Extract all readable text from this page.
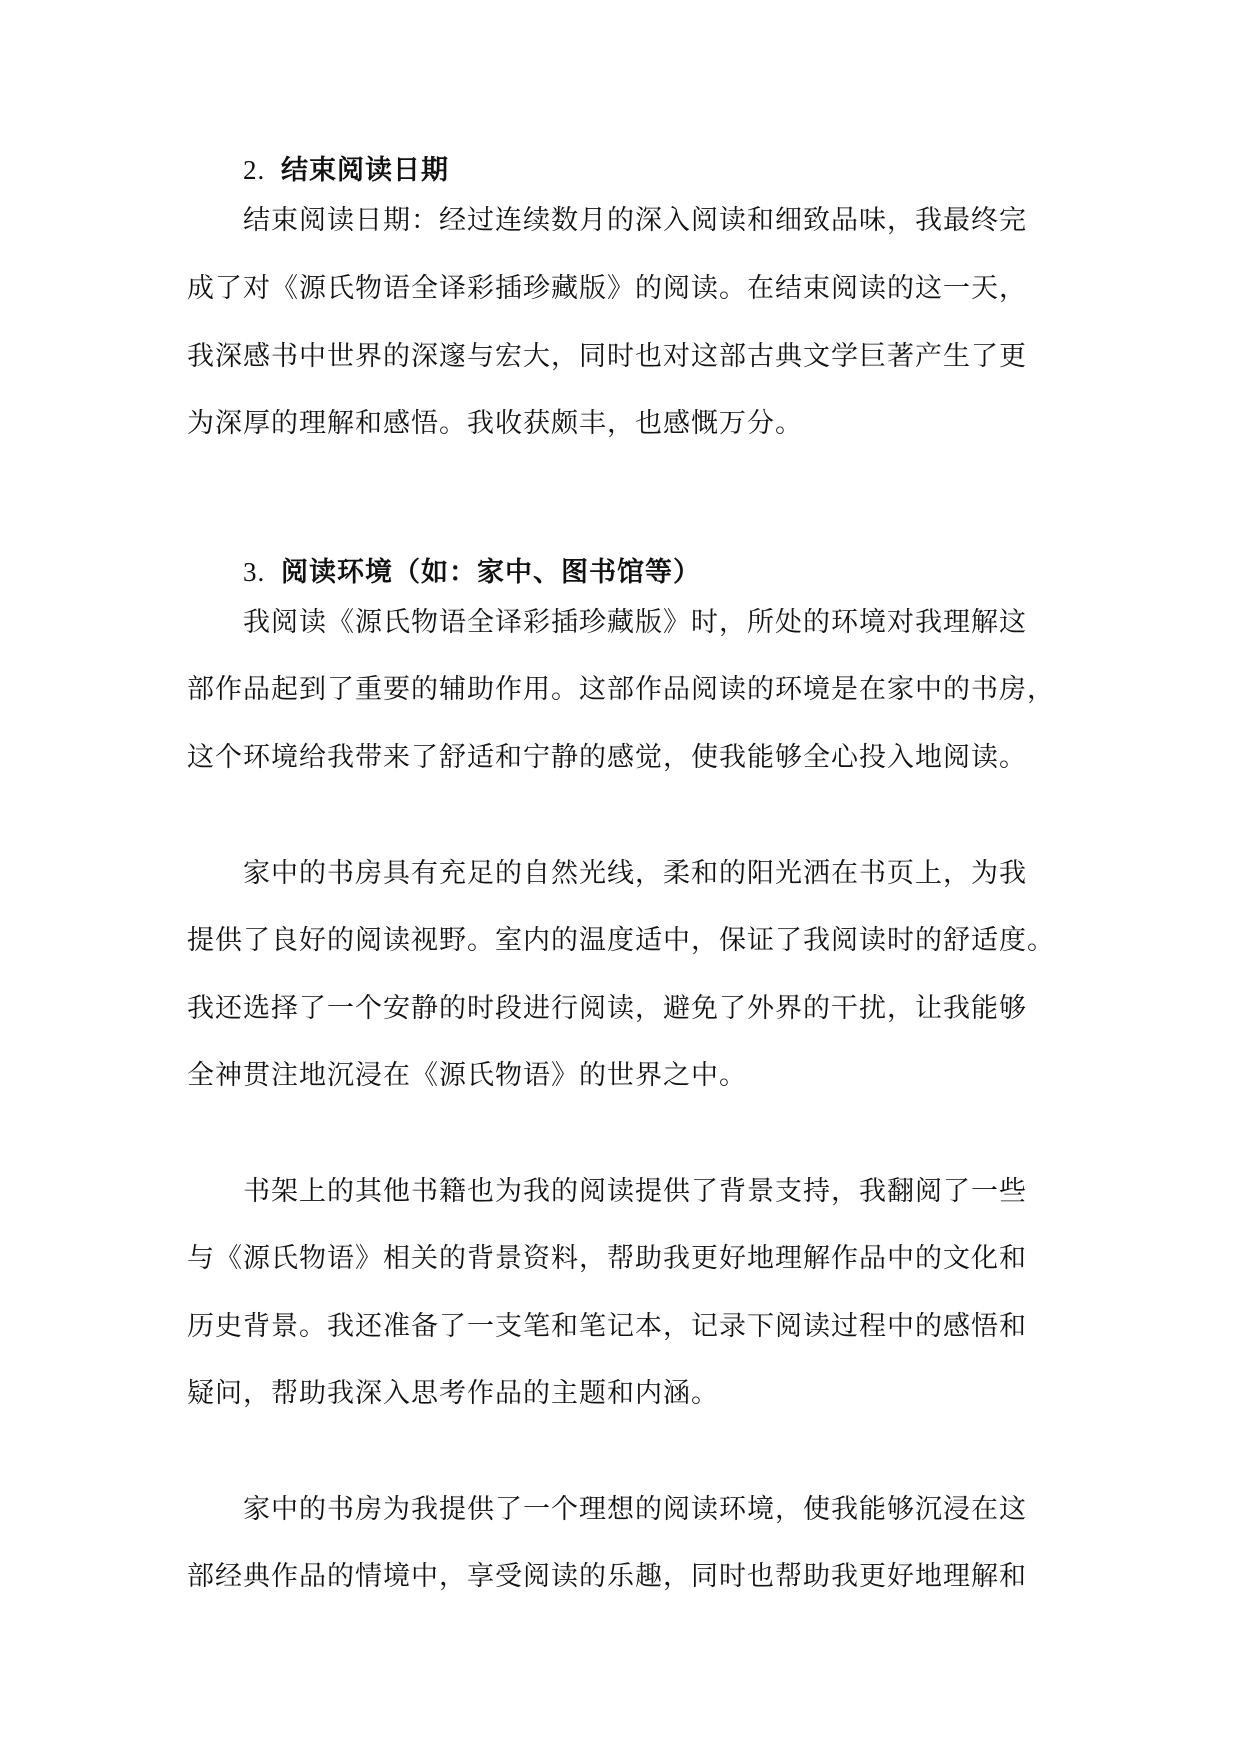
2. 结束阅读日期
结束阅读日期：经过连续数月的深入阅读和细致品味，我最终完
成了对《源氏物语全译彩插珍藏版》的阅读。在结束阅读的这一天，
我深感书中世界的深邃与宏大，同时也对这部古典文学巨著产生了更
为深厚的理解和感悟。我收获颇丰，也感慨万分。
3. 阅读环境（如：家中、图书馆等）
我阅读《源氏物语全译彩插珍藏版》时，所处的环境对我理解这
部作品起到了重要的辅助作用。这部作品阅读的环境是在家中的书房，
这个环境给我带来了舒适和宁静的感觉，使我能够全心投入地阅读。
家中的书房具有充足的自然光线，柔和的阳光洒在书页上，为我
提供了良好的阅读视野。室内的温度适中，保证了我阅读时的舒适度。
我还选择了一个安静的时段进行阅读，避免了外界的干扰，让我能够
全神贯注地沉浸在《源氏物语》的世界之中。
书架上的其他书籍也为我的阅读提供了背景支持，我翻阅了一些
与《源氏物语》相关的背景资料，帮助我更好地理解作品中的文化和
历史背景。我还准备了一支笔和笔记本，记录下阅读过程中的感悟和
疑问，帮助我深入思考作品的主题和内涵。
家中的书房为我提供了一个理想的阅读环境，使我能够沉浸在这
部经典作品的情境中，享受阅读的乐趣，同时也帮助我更好地理解和
